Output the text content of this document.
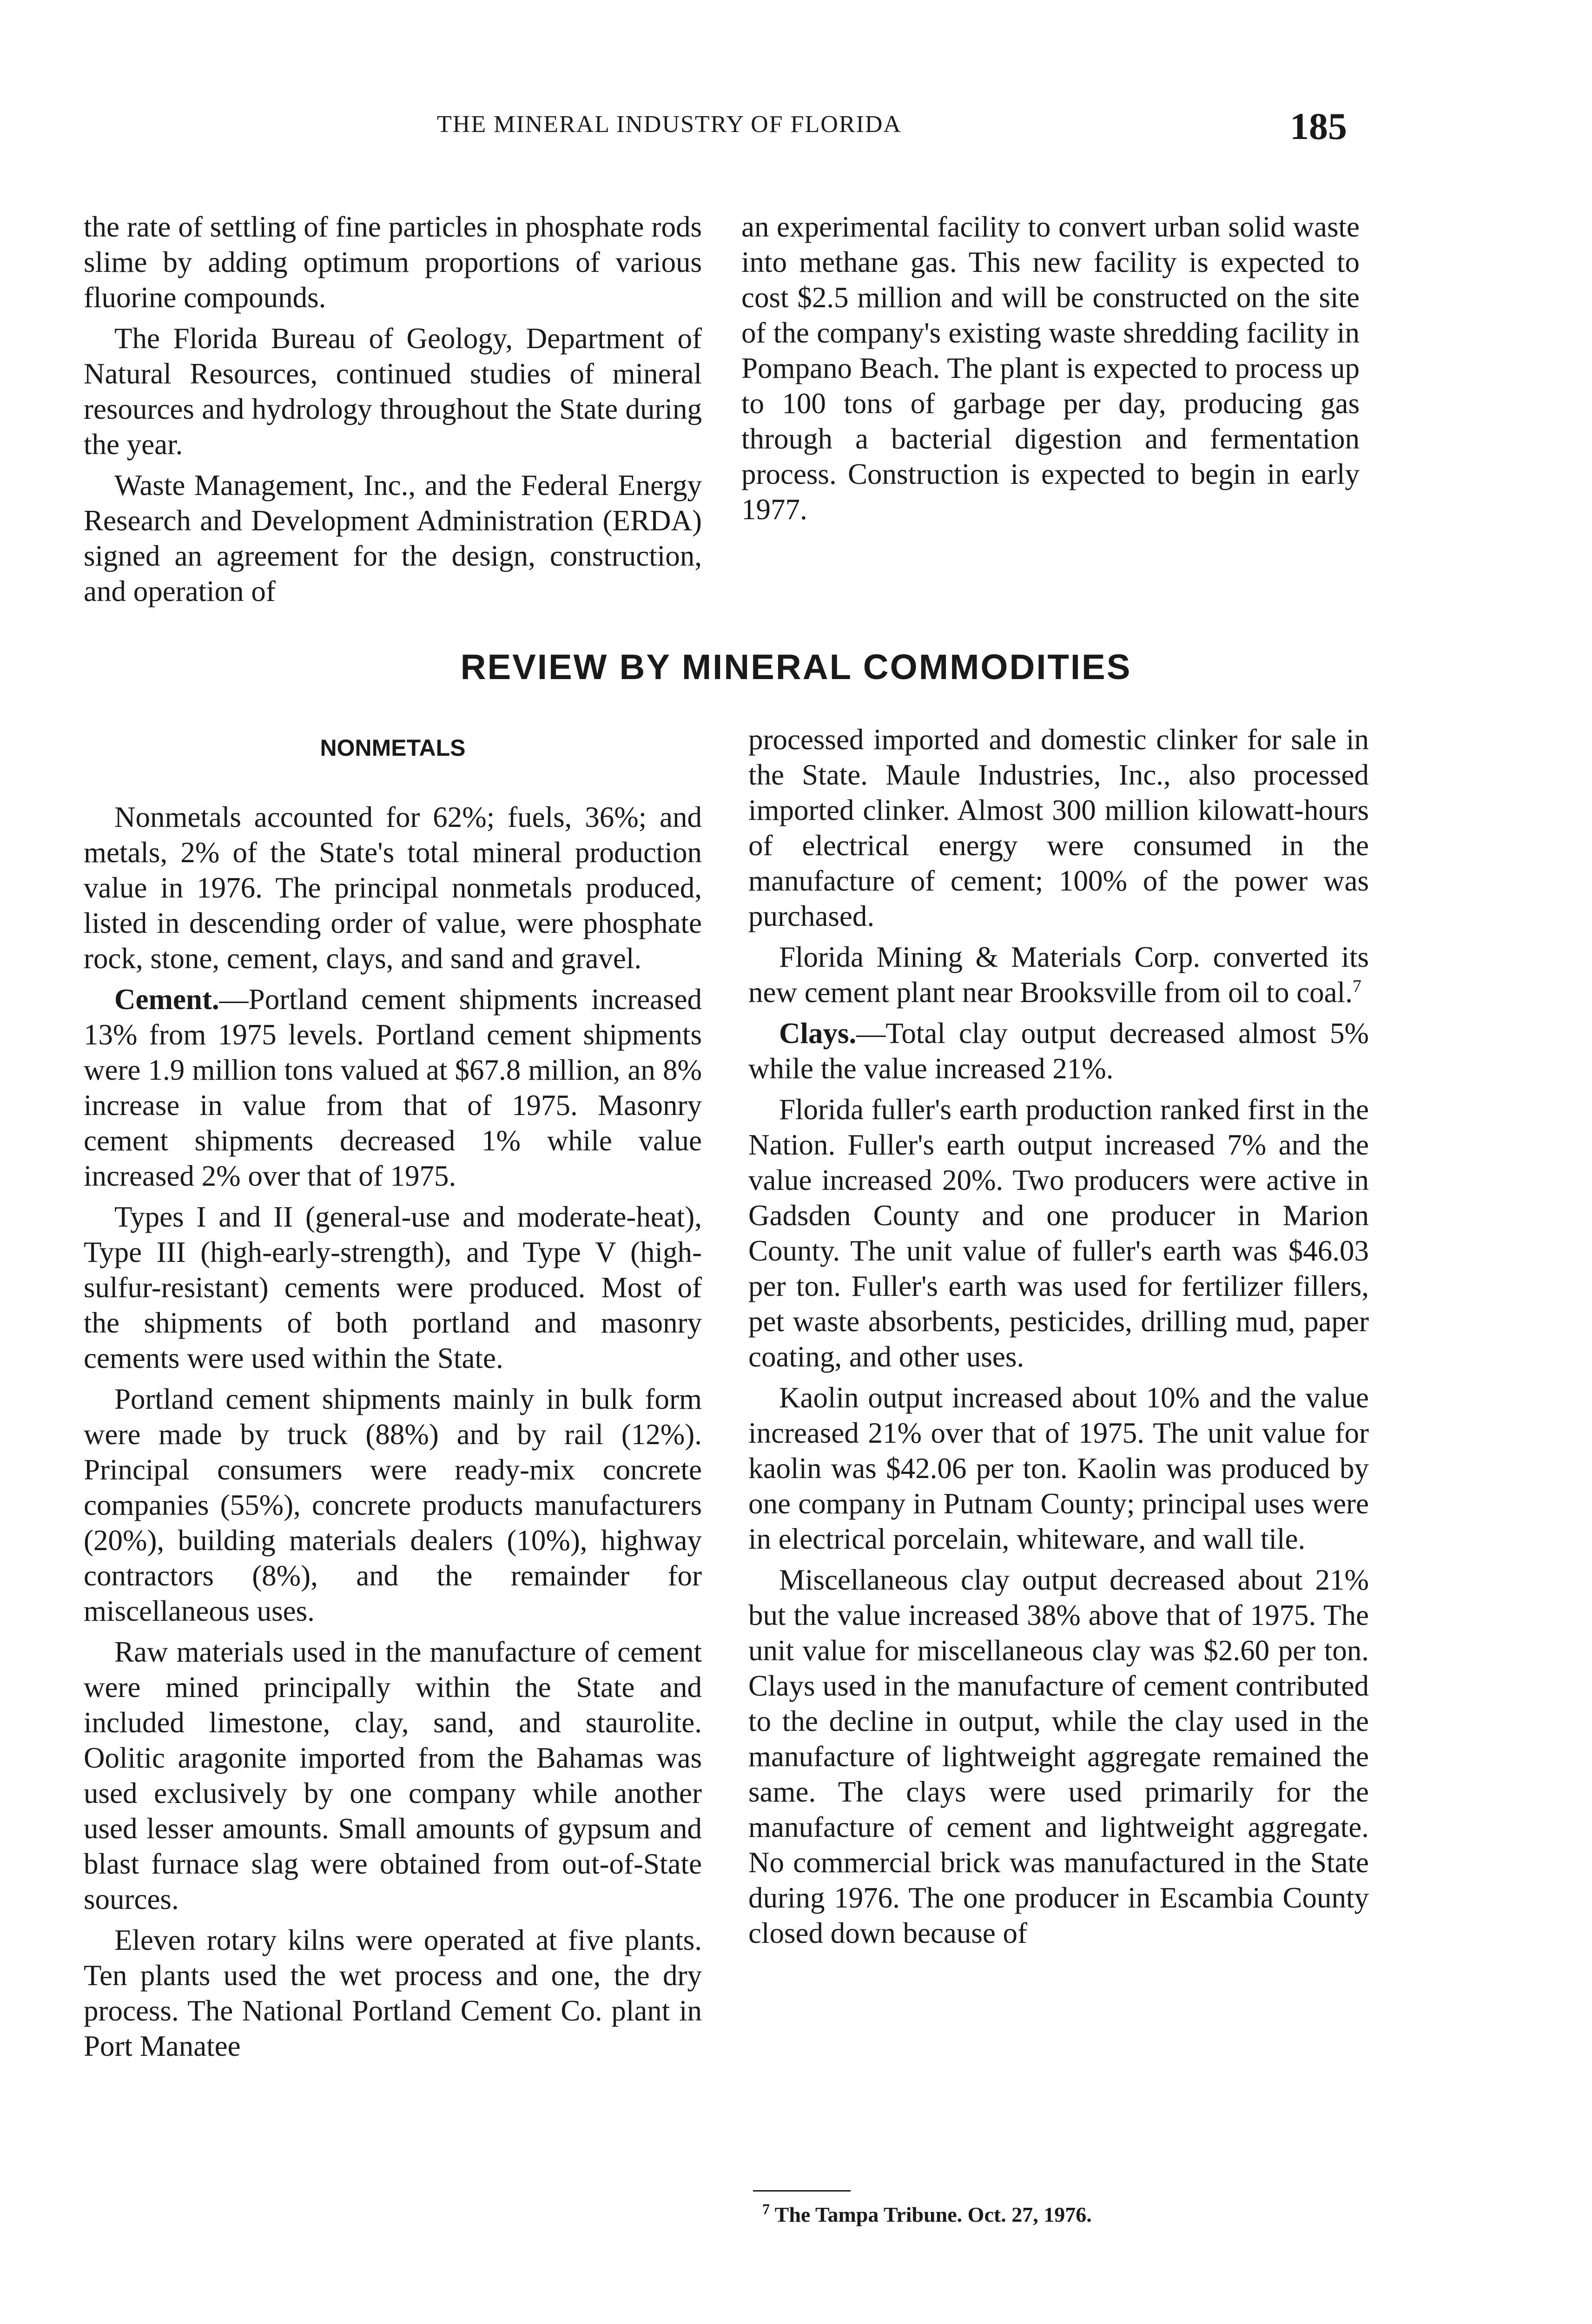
THE MINERAL INDUSTRY OF FLORIDA	185

the rate of settling of fine particles in phosphate rods slime by adding optimum proportions of various fluorine compounds.

The Florida Bureau of Geology, Department of Natural Resources, continued studies of mineral resources and hydrology throughout the State during the year.

Waste Management, Inc., and the Federal Energy Research and Development Administration (ERDA) signed an agreement for the design, construction, and operation of

an experimental facility to convert urban solid waste into methane gas. This new facility is expected to cost $2.5 million and will be constructed on the site of the company's existing waste shredding facility in Pompano Beach. The plant is expected to process up to 100 tons of garbage per day, producing gas through a bacterial digestion and fermentation process. Construction is expected to begin in early 1977.

REVIEW BY MINERAL COMMODITIES
NONMETALS

Nonmetals accounted for 62%; fuels, 36%; and metals, 2% of the State's total mineral production value in 1976. The principal nonmetals produced, listed in descending order of value, were phosphate rock, stone, cement, clays, and sand and gravel.

Cement.—Portland cement shipments increased 13% from 1975 levels. Portland cement shipments were 1.9 million tons valued at $67.8 million, an 8% increase in value from that of 1975. Masonry cement shipments decreased 1% while value increased 2% over that of 1975.

Types I and II (general-use and moderate-heat), Type III (high-early-strength), and Type V (high-sulfur-resistant) cements were produced. Most of the shipments of both portland and masonry cements were used within the State.

Portland cement shipments mainly in bulk form were made by truck (88%) and by rail (12%). Principal consumers were ready-mix concrete companies (55%), concrete products manufacturers (20%), building materials dealers (10%), highway contractors (8%), and the remainder for miscellaneous uses.

Raw materials used in the manufacture of cement were mined principally within the State and included limestone, clay, sand, and staurolite. Oolitic aragonite imported from the Bahamas was used exclusively by one company while another used lesser amounts. Small amounts of gypsum and blast furnace slag were obtained from out-of-State sources.

Eleven rotary kilns were operated at five plants. Ten plants used the wet process and one, the dry process. The National Portland Cement Co. plant in Port Manatee

processed imported and domestic clinker for sale in the State. Maule Industries, Inc., also processed imported clinker. Almost 300 million kilowatt-hours of electrical energy were consumed in the manufacture of cement; 100% of the power was purchased.

Florida Mining & Materials Corp. converted its new cement plant near Brooksville from oil to coal.$^7$

Clays.—Total clay output decreased almost 5% while the value increased 21%.

Florida fuller's earth production ranked first in the Nation. Fuller's earth output increased 7% and the value increased 20%. Two producers were active in Gadsden County and one producer in Marion County. The unit value of fuller's earth was $46.03 per ton. Fuller's earth was used for fertilizer fillers, pet waste absorbents, pesticides, drilling mud, paper coating, and other uses.

Kaolin output increased about 10% and the value increased 21% over that of 1975. The unit value for kaolin was $42.06 per ton. Kaolin was produced by one company in Putnam County; principal uses were in electrical porcelain, whiteware, and wall tile.

Miscellaneous clay output decreased about 21% but the value increased 38% above that of 1975. The unit value for miscellaneous clay was $2.60 per ton. Clays used in the manufacture of cement contributed to the decline in output, while the clay used in the manufacture of lightweight aggregate remained the same. The clays were used primarily for the manufacture of cement and lightweight aggregate. No commercial brick was manufactured in the State during 1976. The one producer in Escambia County closed down because of

$^7$ The Tampa Tribune. Oct. 27, 1976.
